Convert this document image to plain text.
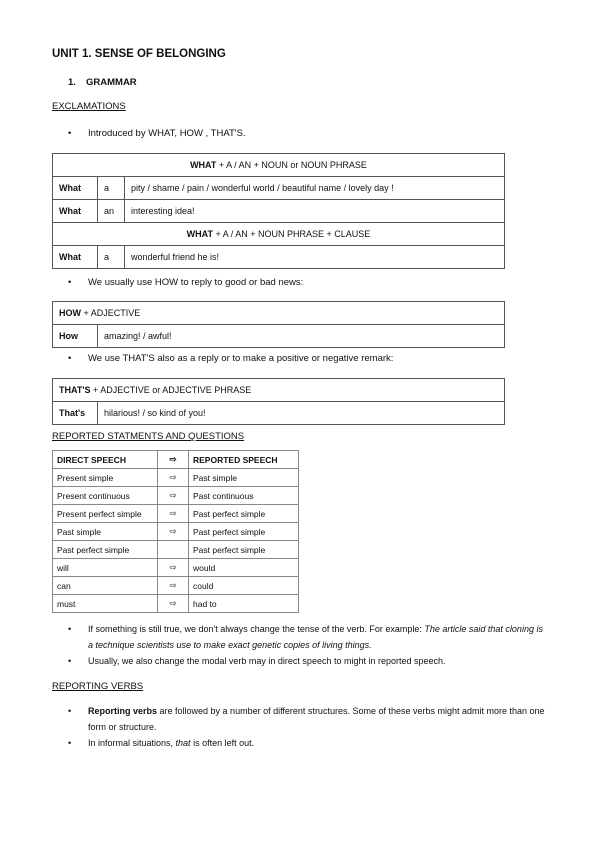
UNIT 1. SENSE OF BELONGING
1. GRAMMAR
EXCLAMATIONS
• Introduced by WHAT, HOW , THAT'S.
WHAT + A / AN + NOUN or NOUN PHRASE		
What	a	pity / shame / pain / wonderful world / beautiful name / lovely day !
What	an	interesting idea!
WHAT + A / AN + NOUN PHRASE + CLAUSE		
What	a	wonderful friend he is!
• We usually use HOW to reply to good or bad news:
HOW + ADJECTIVE
How	amazing! / awful!
• We use THAT'S also as a reply or to make a positive or negative remark:
THAT'S + ADJECTIVE or ADJECTIVE PHRASE
That's	hilarious! / so kind of you!
REPORTED STATMENTS AND QUESTIONS
DIRECT SPEECH	⇨	REPORTED SPEECH
Present simple	⇨	Past simple
Present continuous	⇨	Past continuous
Present perfect simple	⇨	Past perfect simple
Past simple	⇨	Past perfect simple
Past perfect simple		Past perfect simple
will	⇨	would
can	⇨	could
must	⇨	had to
• If something is still true, we don't always change the tense of the verb. For example: The article said that cloning is a technique scientists use to make exact genetic copies of living things.
• Usually, we also change the modal verb may in direct speech to might in reported speech.
REPORTING VERBS
• Reporting verbs are followed by a number of different structures. Some of these verbs might admit more than one form or structure.
• In informal situations, that is often left out.
